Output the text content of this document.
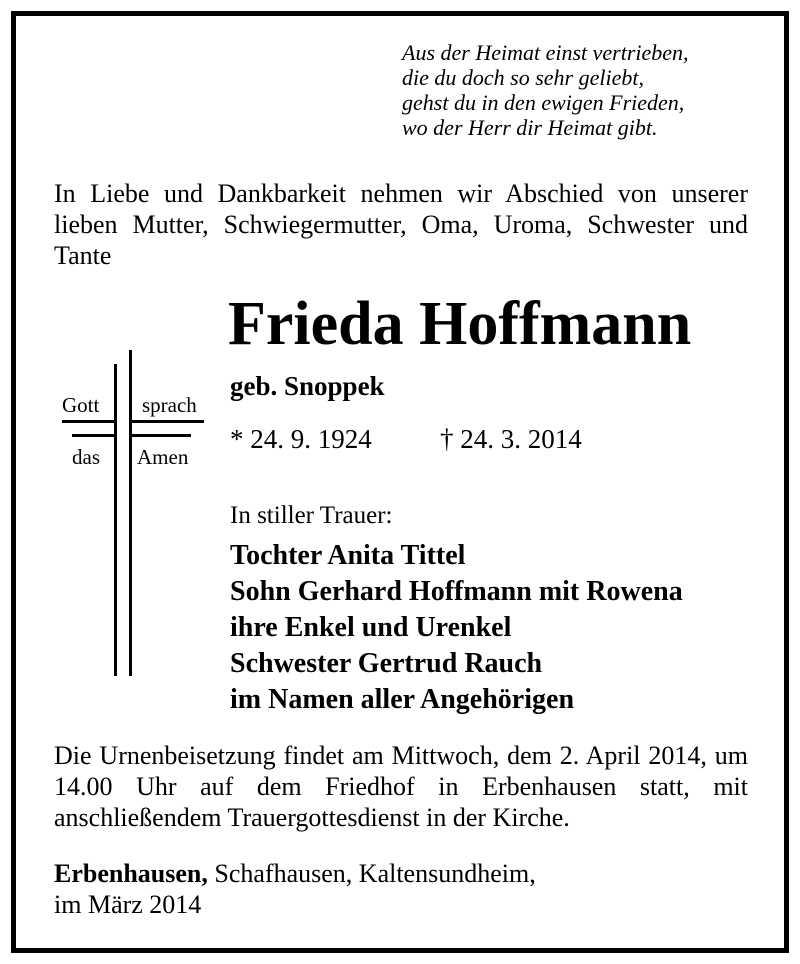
Aus der Heimat einst vertrieben,
die du doch so sehr geliebt,
gehst du in den ewigen Frieden,
wo der Herr dir Heimat gibt.
In Liebe und Dankbarkeit nehmen wir Abschied von unserer lieben Mutter, Schwiegermutter, Oma, Uroma, Schwester und Tante
Frieda Hoffmann
geb. Snoppek
* 24. 9. 1924	† 24. 3. 2014
Gott sprach
das Amen
In stiller Trauer:
Tochter Anita Tittel
Sohn Gerhard Hoffmann mit Rowena
ihre Enkel und Urenkel
Schwester Gertrud Rauch
im Namen aller Angehörigen
Die Urnenbeisetzung findet am Mittwoch, dem 2. April 2014, um 14.00 Uhr auf dem Friedhof in Erbenhausen statt, mit anschließendem Trauergottesdienst in der Kirche.
Erbenhausen, Schafhausen, Kaltensundheim,
im März 2014
